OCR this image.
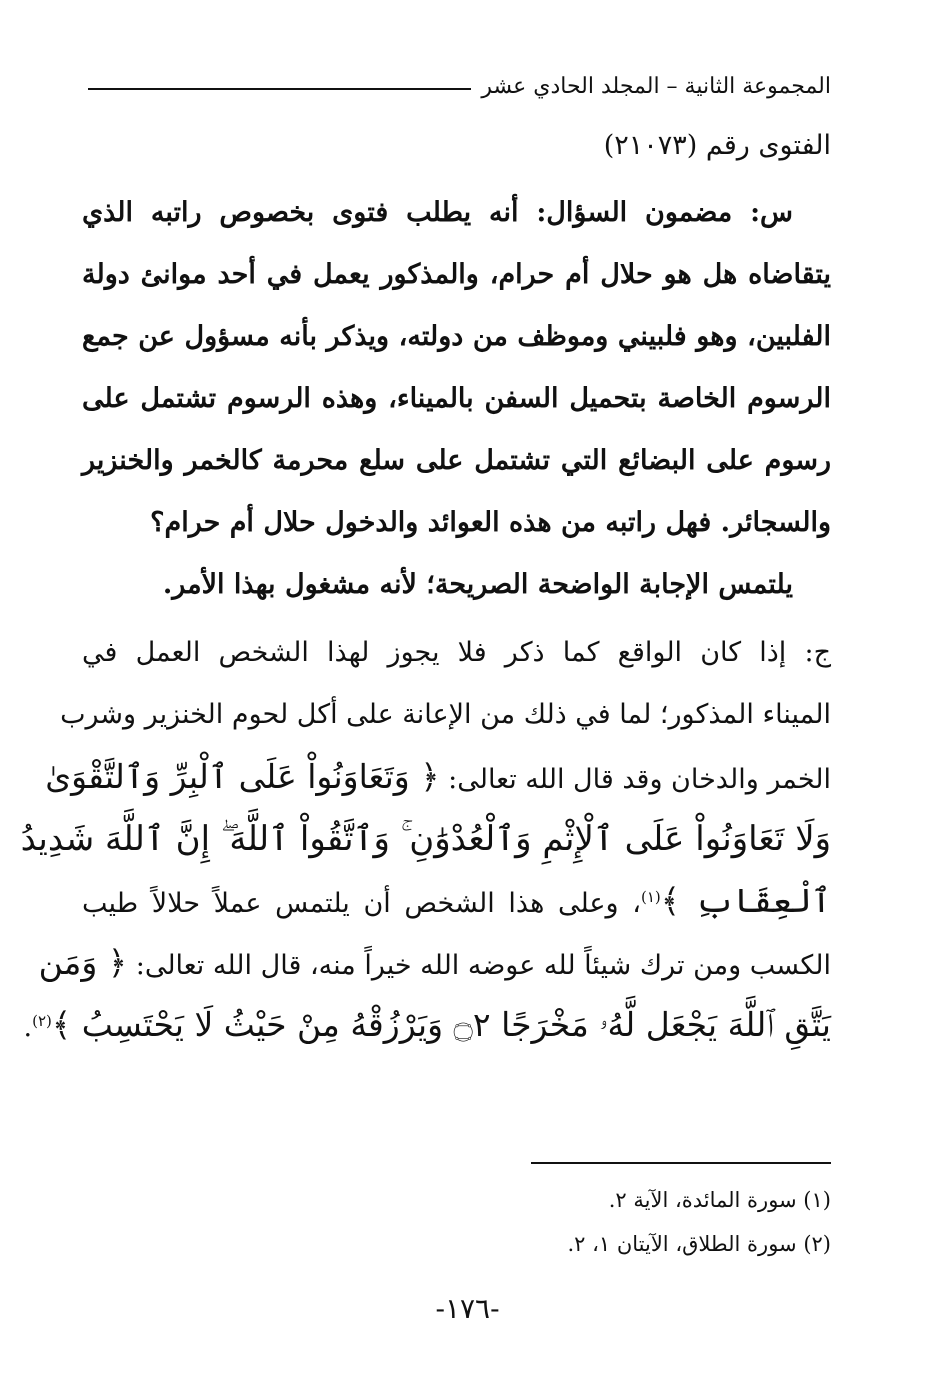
المجموعة الثانية – المجلد الحادي عشر
الفتوى رقم (٢١٠٧٣)
س: مضمون السؤال: أنه يطلب فتوى بخصوص راتبه الذي
يتقاضاه هل هو حلال أم حرام، والمذكور يعمل في أحد موانئ دولة
الفلبين، وهو فلبيني وموظف من دولته، ويذكر بأنه مسؤول عن جمع
الرسوم الخاصة بتحميل السفن بالميناء، وهذه الرسوم تشتمل على
رسوم على البضائع التي تشتمل على سلع محرمة كالخمر والخنزير
والسجائر. فهل راتبه من هذه العوائد والدخول حلال أم حرام؟
يلتمس الإجابة الواضحة الصريحة؛ لأنه مشغول بهذا الأمر.
ج: إذا كان الواقع كما ذكر فلا يجوز لهذا الشخص العمل في
الميناء المذكور؛ لما في ذلك من الإعانة على أكل لحوم الخنزير وشرب
الخمر والدخان وقد قال الله تعالى: ﴿ وَتَعَاوَنُواْ عَلَى ٱلْبِرِّ وَٱلتَّقْوَىٰ
وَلَا تَعَاوَنُواْ عَلَى ٱلْإِثْمِ وَٱلْعُدْوَٰنِ ۚ وَٱتَّقُواْ ٱللَّهَ ۖ إِنَّ ٱللَّهَ شَدِيدُ
ٱلْعِقَابِ ﴾$^{(١)}$، وعلى هذا الشخص أن يلتمس عملاً حلالاً طيب
الكسب ومن ترك شيئاً لله عوضه الله خيراً منه، قال الله تعالى: ﴿ وَمَن
يَتَّقِ ٱللَّهَ يَجْعَل لَّهُۥ مَخْرَجًا ۝٢ وَيَرْزُقْهُ مِنْ حَيْثُ لَا يَحْتَسِبُ ﴾$^{(٢)}$.
(١) سورة المائدة، الآية ٢.
(٢) سورة الطلاق، الآيتان ١، ٢.
-١٧٦-
